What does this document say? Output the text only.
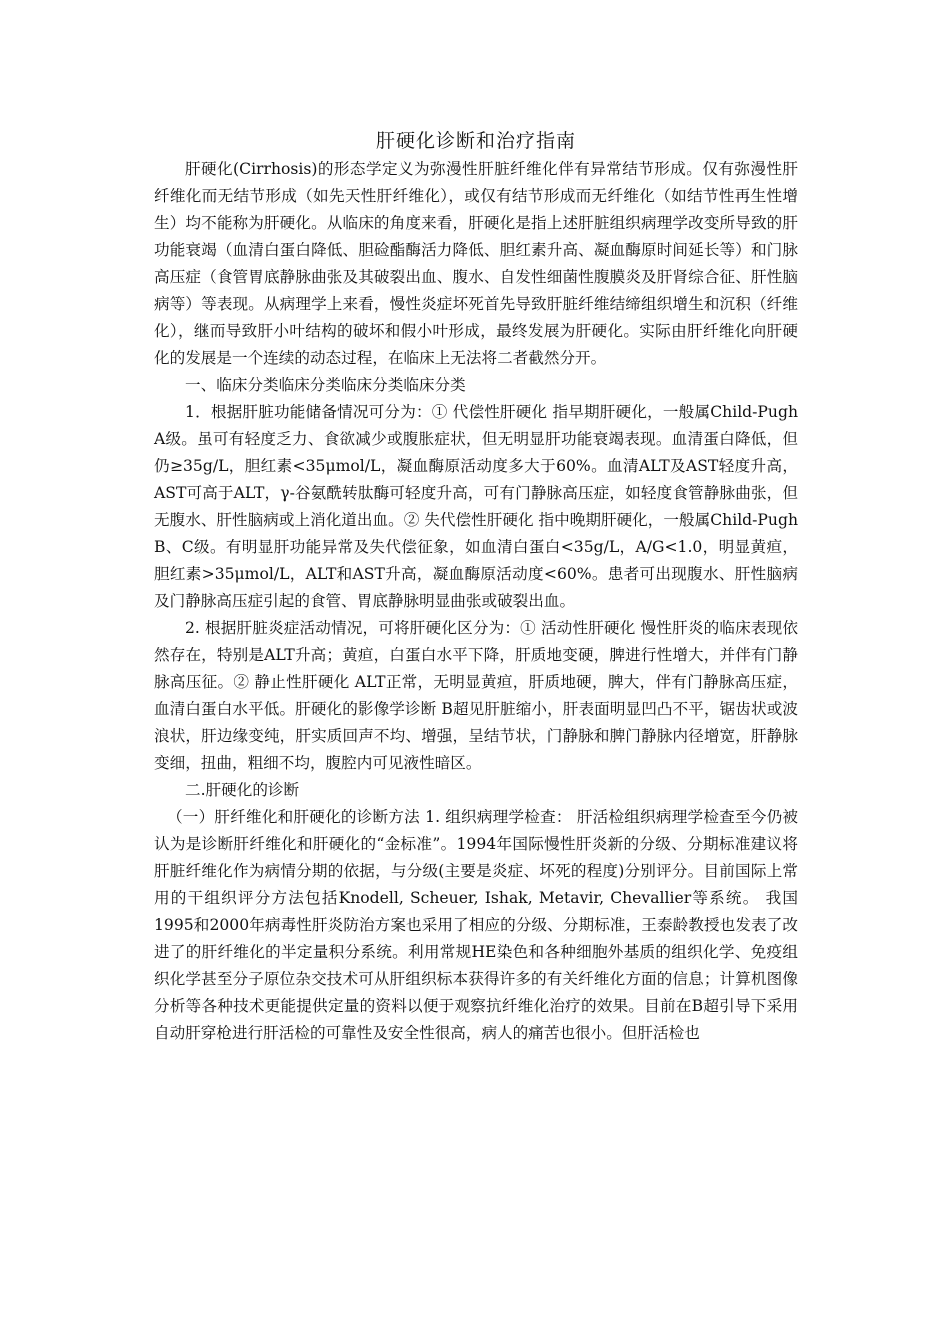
肝硬化诊断和治疗指南

肝硬化(Cirrhosis)的形态学定义为弥漫性肝脏纤维化伴有异常结节形成。仅有弥漫性肝纤维化而无结节形成（如先天性肝纤维化），或仅有结节形成而无纤维化（如结节性再生性增生）均不能称为肝硬化。从临床的角度来看，肝硬化是指上述肝脏组织病理学改变所导致的肝功能衰竭（血清白蛋白降低、胆硷酯酶活力降低、胆红素升高、凝血酶原时间延长等）和门脉高压症（食管胃底静脉曲张及其破裂出血、腹水、自发性细菌性腹膜炎及肝肾综合征、肝性脑病等）等表现。从病理学上来看，慢性炎症坏死首先导致肝脏纤维结缔组织增生和沉积（纤维化），继而导致肝小叶结构的破坏和假小叶形成，最终发展为肝硬化。实际由肝纤维化向肝硬化的发展是一个连续的动态过程，在临床上无法将二者截然分开。

一、临床分类临床分类临床分类临床分类

1．根据肝脏功能储备情况可分为：① 代偿性肝硬化 指早期肝硬化，一般属Child-Pugh A级。虽可有轻度乏力、食欲减少或腹胀症状，但无明显肝功能衰竭表现。血清蛋白降低，但仍≥35g/L，胆红素<35μmol/L，凝血酶原活动度多大于60%。血清ALT及AST轻度升高，AST可高于ALT，γ-谷氨酰转肽酶可轻度升高，可有门静脉高压症，如轻度食管静脉曲张，但无腹水、肝性脑病或上消化道出血。② 失代偿性肝硬化 指中晚期肝硬化，一般属Child-Pugh B、C级。有明显肝功能异常及失代偿征象，如血清白蛋白<35g/L，A/G<1.0，明显黄疸，胆红素>35μmol/L，ALT和AST升高，凝血酶原活动度<60%。患者可出现腹水、肝性脑病及门静脉高压症引起的食管、胃底静脉明显曲张或破裂出血。

2. 根据肝脏炎症活动情况，可将肝硬化区分为：① 活动性肝硬化 慢性肝炎的临床表现依然存在，特别是ALT升高；黄疸，白蛋白水平下降，肝质地变硬，脾进行性增大，并伴有门静脉高压征。② 静止性肝硬化 ALT正常，无明显黄疸，肝质地硬，脾大，伴有门静脉高压症，血清白蛋白水平低。肝硬化的影像学诊断 B超见肝脏缩小，肝表面明显凹凸不平，锯齿状或波浪状，肝边缘变纯，肝实质回声不均、增强，呈结节状，门静脉和脾门静脉内径增宽，肝静脉变细，扭曲，粗细不均，腹腔内可见液性暗区。

二.肝硬化的诊断

（一）肝纤维化和肝硬化的诊断方法 1. 组织病理学检查： 肝活检组织病理学检查至今仍被认为是诊断肝纤维化和肝硬化的“金标准”。1994年国际慢性肝炎新的分级、分期标准建议将肝脏纤维化作为病情分期的依据，与分级(主要是炎症、坏死的程度)分别评分。目前国际上常用的干组织评分方法包括Knodell, Scheuer, Ishak, Metavir, Chevallier等系统。 我国1995和2000年病毒性肝炎防治方案也采用了相应的分级、分期标准，王泰龄教授也发表了改进了的肝纤维化的半定量积分系统。利用常规HE染色和各种细胞外基质的组织化学、免疫组织化学甚至分子原位杂交技术可从肝组织标本获得许多的有关纤维化方面的信息；计算机图像分析等各种技术更能提供定量的资料以便于观察抗纤维化治疗的效果。目前在B超引导下采用自动肝穿枪进行肝活检的可靠性及安全性很高，病人的痛苦也很小。但肝活检也
